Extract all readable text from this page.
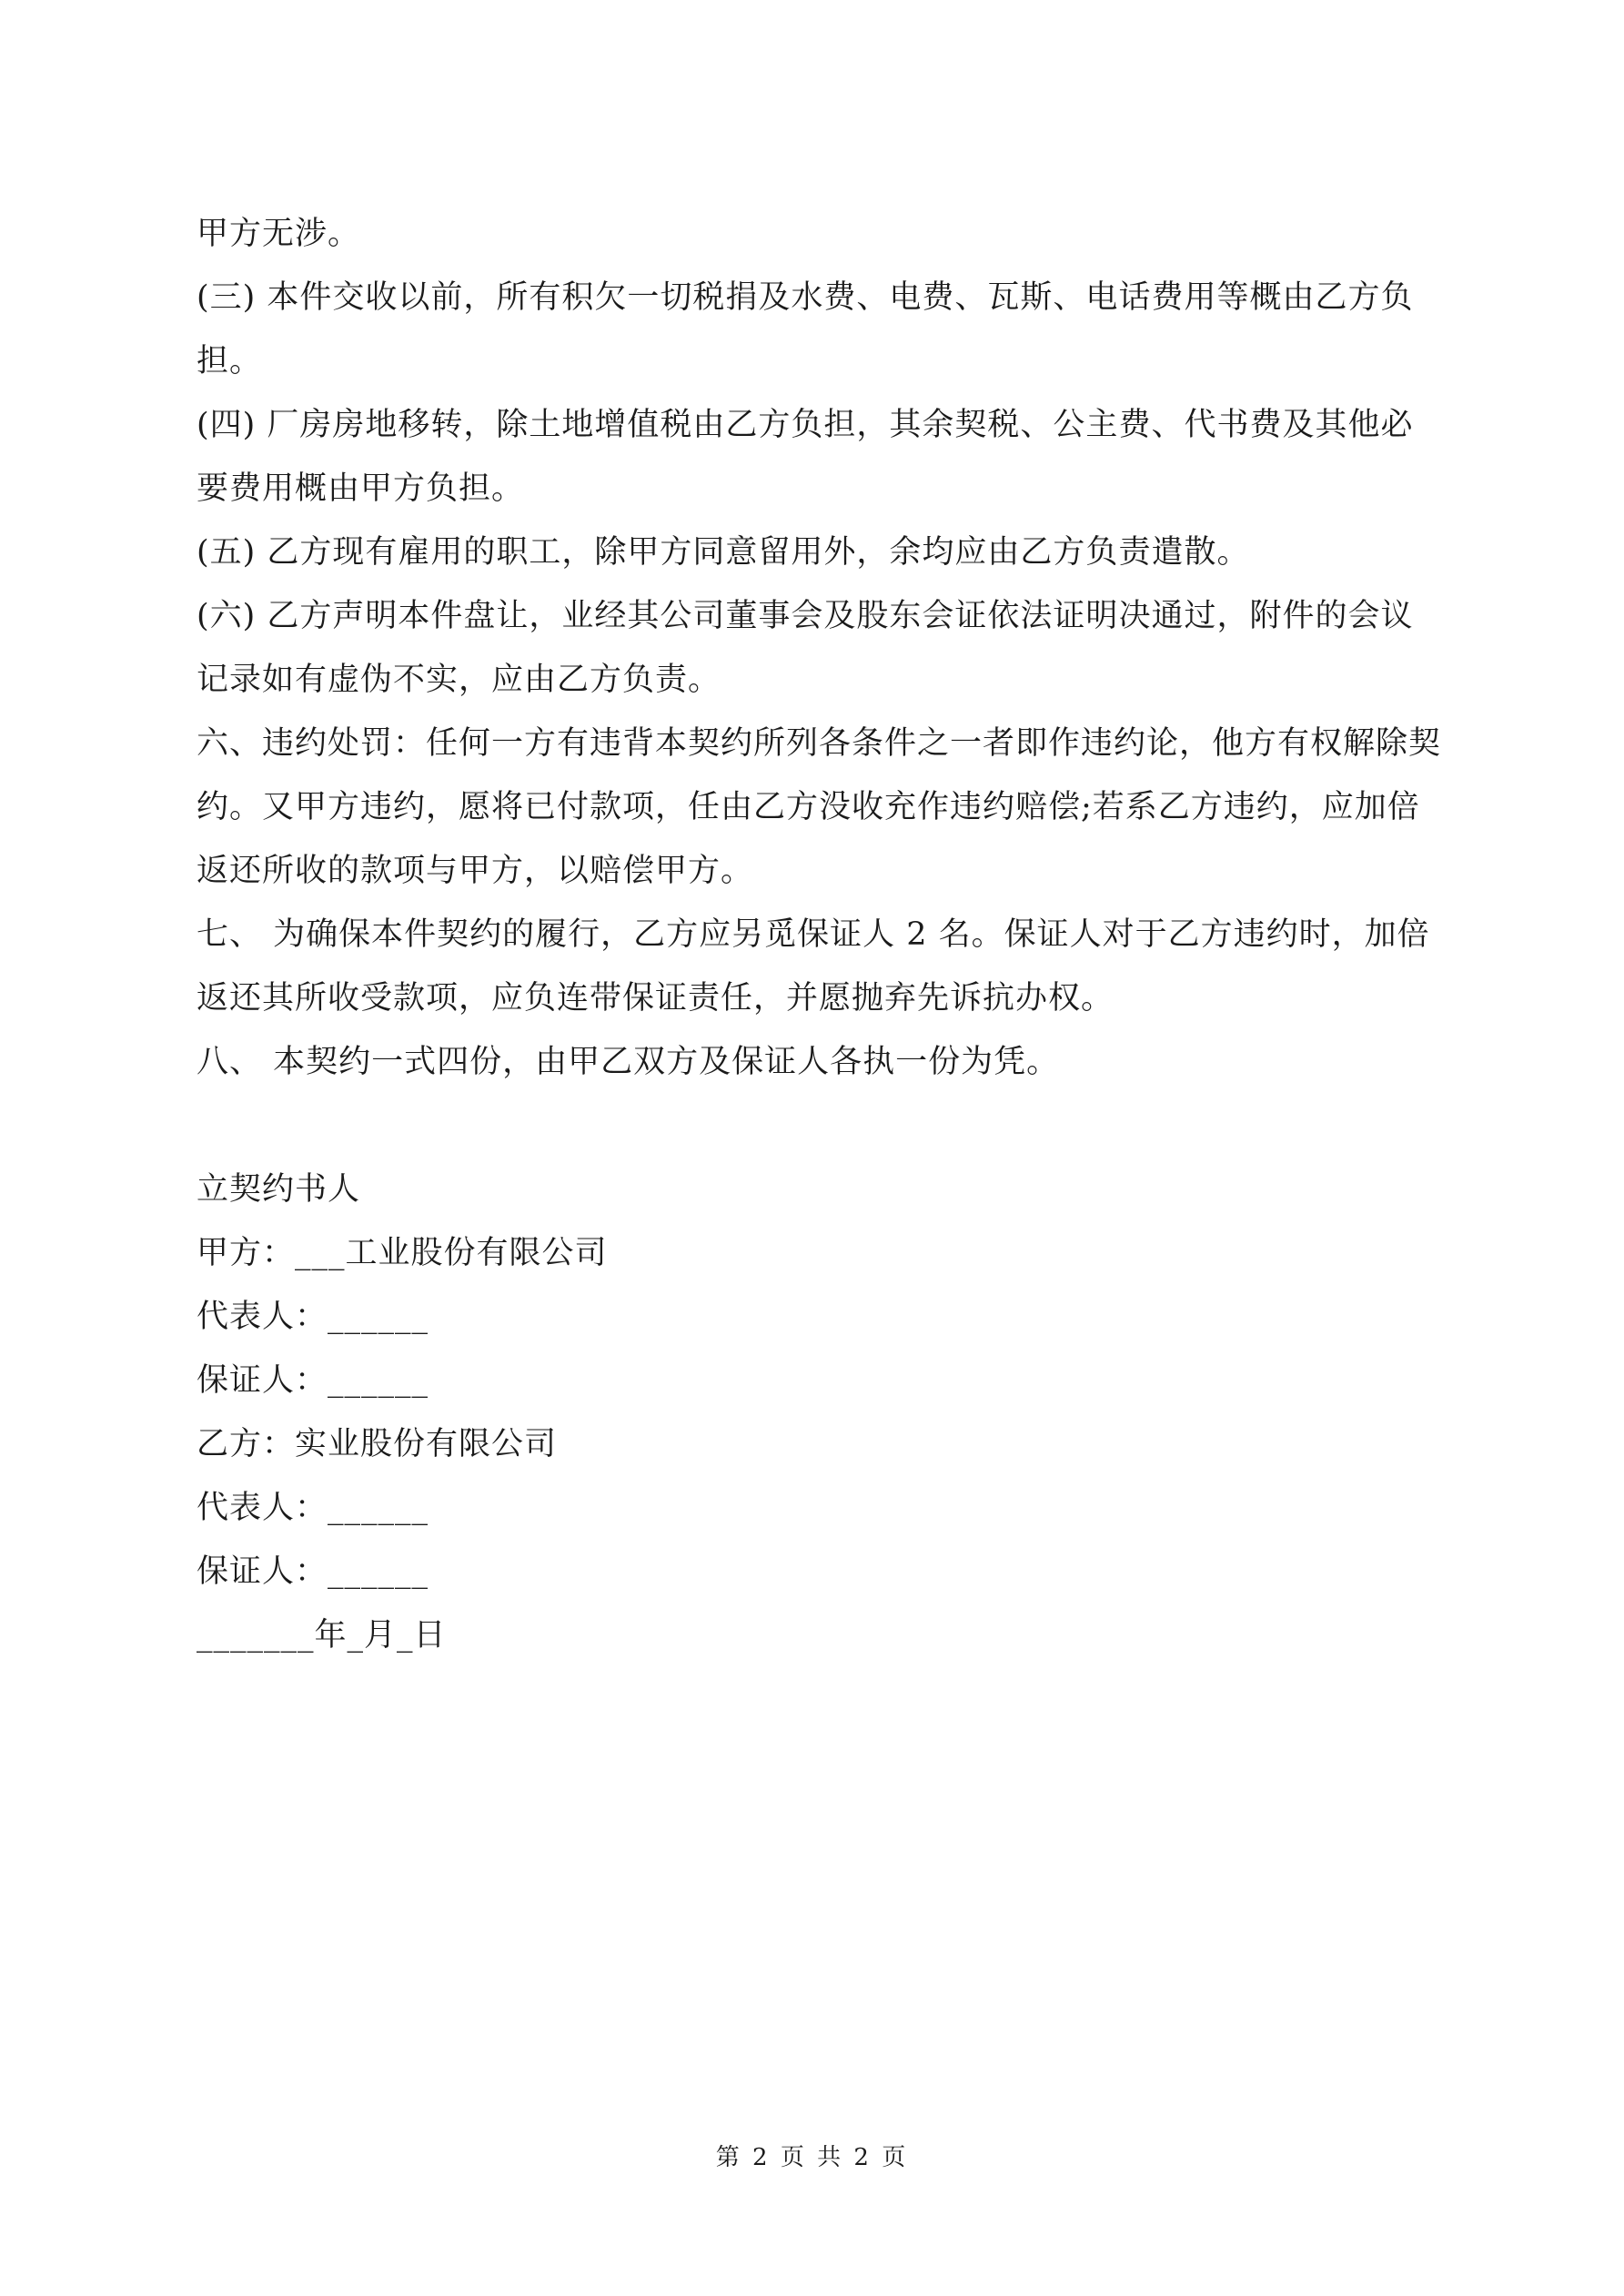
甲方无涉。
(三) 本件交收以前，所有积欠一切税捐及水费、电费、瓦斯、电话费用等概由乙方负
担。
(四) 厂房房地移转，除土地增值税由乙方负担，其余契税、公主费、代书费及其他必
要费用概由甲方负担。
(五) 乙方现有雇用的职工，除甲方同意留用外，余均应由乙方负责遣散。
(六) 乙方声明本件盘让，业经其公司董事会及股东会证依法证明决通过，附件的会议
记录如有虚伪不实，应由乙方负责。
六、违约处罚：任何一方有违背本契约所列各条件之一者即作违约论，他方有权解除契
约。又甲方违约，愿将已付款项，任由乙方没收充作违约赔偿;若系乙方违约，应加倍
返还所收的款项与甲方，以赔偿甲方。
七、 为确保本件契约的履行，乙方应另觅保证人 2 名。保证人对于乙方违约时，加倍
返还其所收受款项，应负连带保证责任，并愿抛弃先诉抗办权。
八、 本契约一式四份，由甲乙双方及保证人各执一份为凭。
立契约书人
甲方：___工业股份有限公司
代表人：______
保证人：______
乙方：实业股份有限公司
代表人：______
保证人：______
_______年_月_日
第 2 页 共 2 页
